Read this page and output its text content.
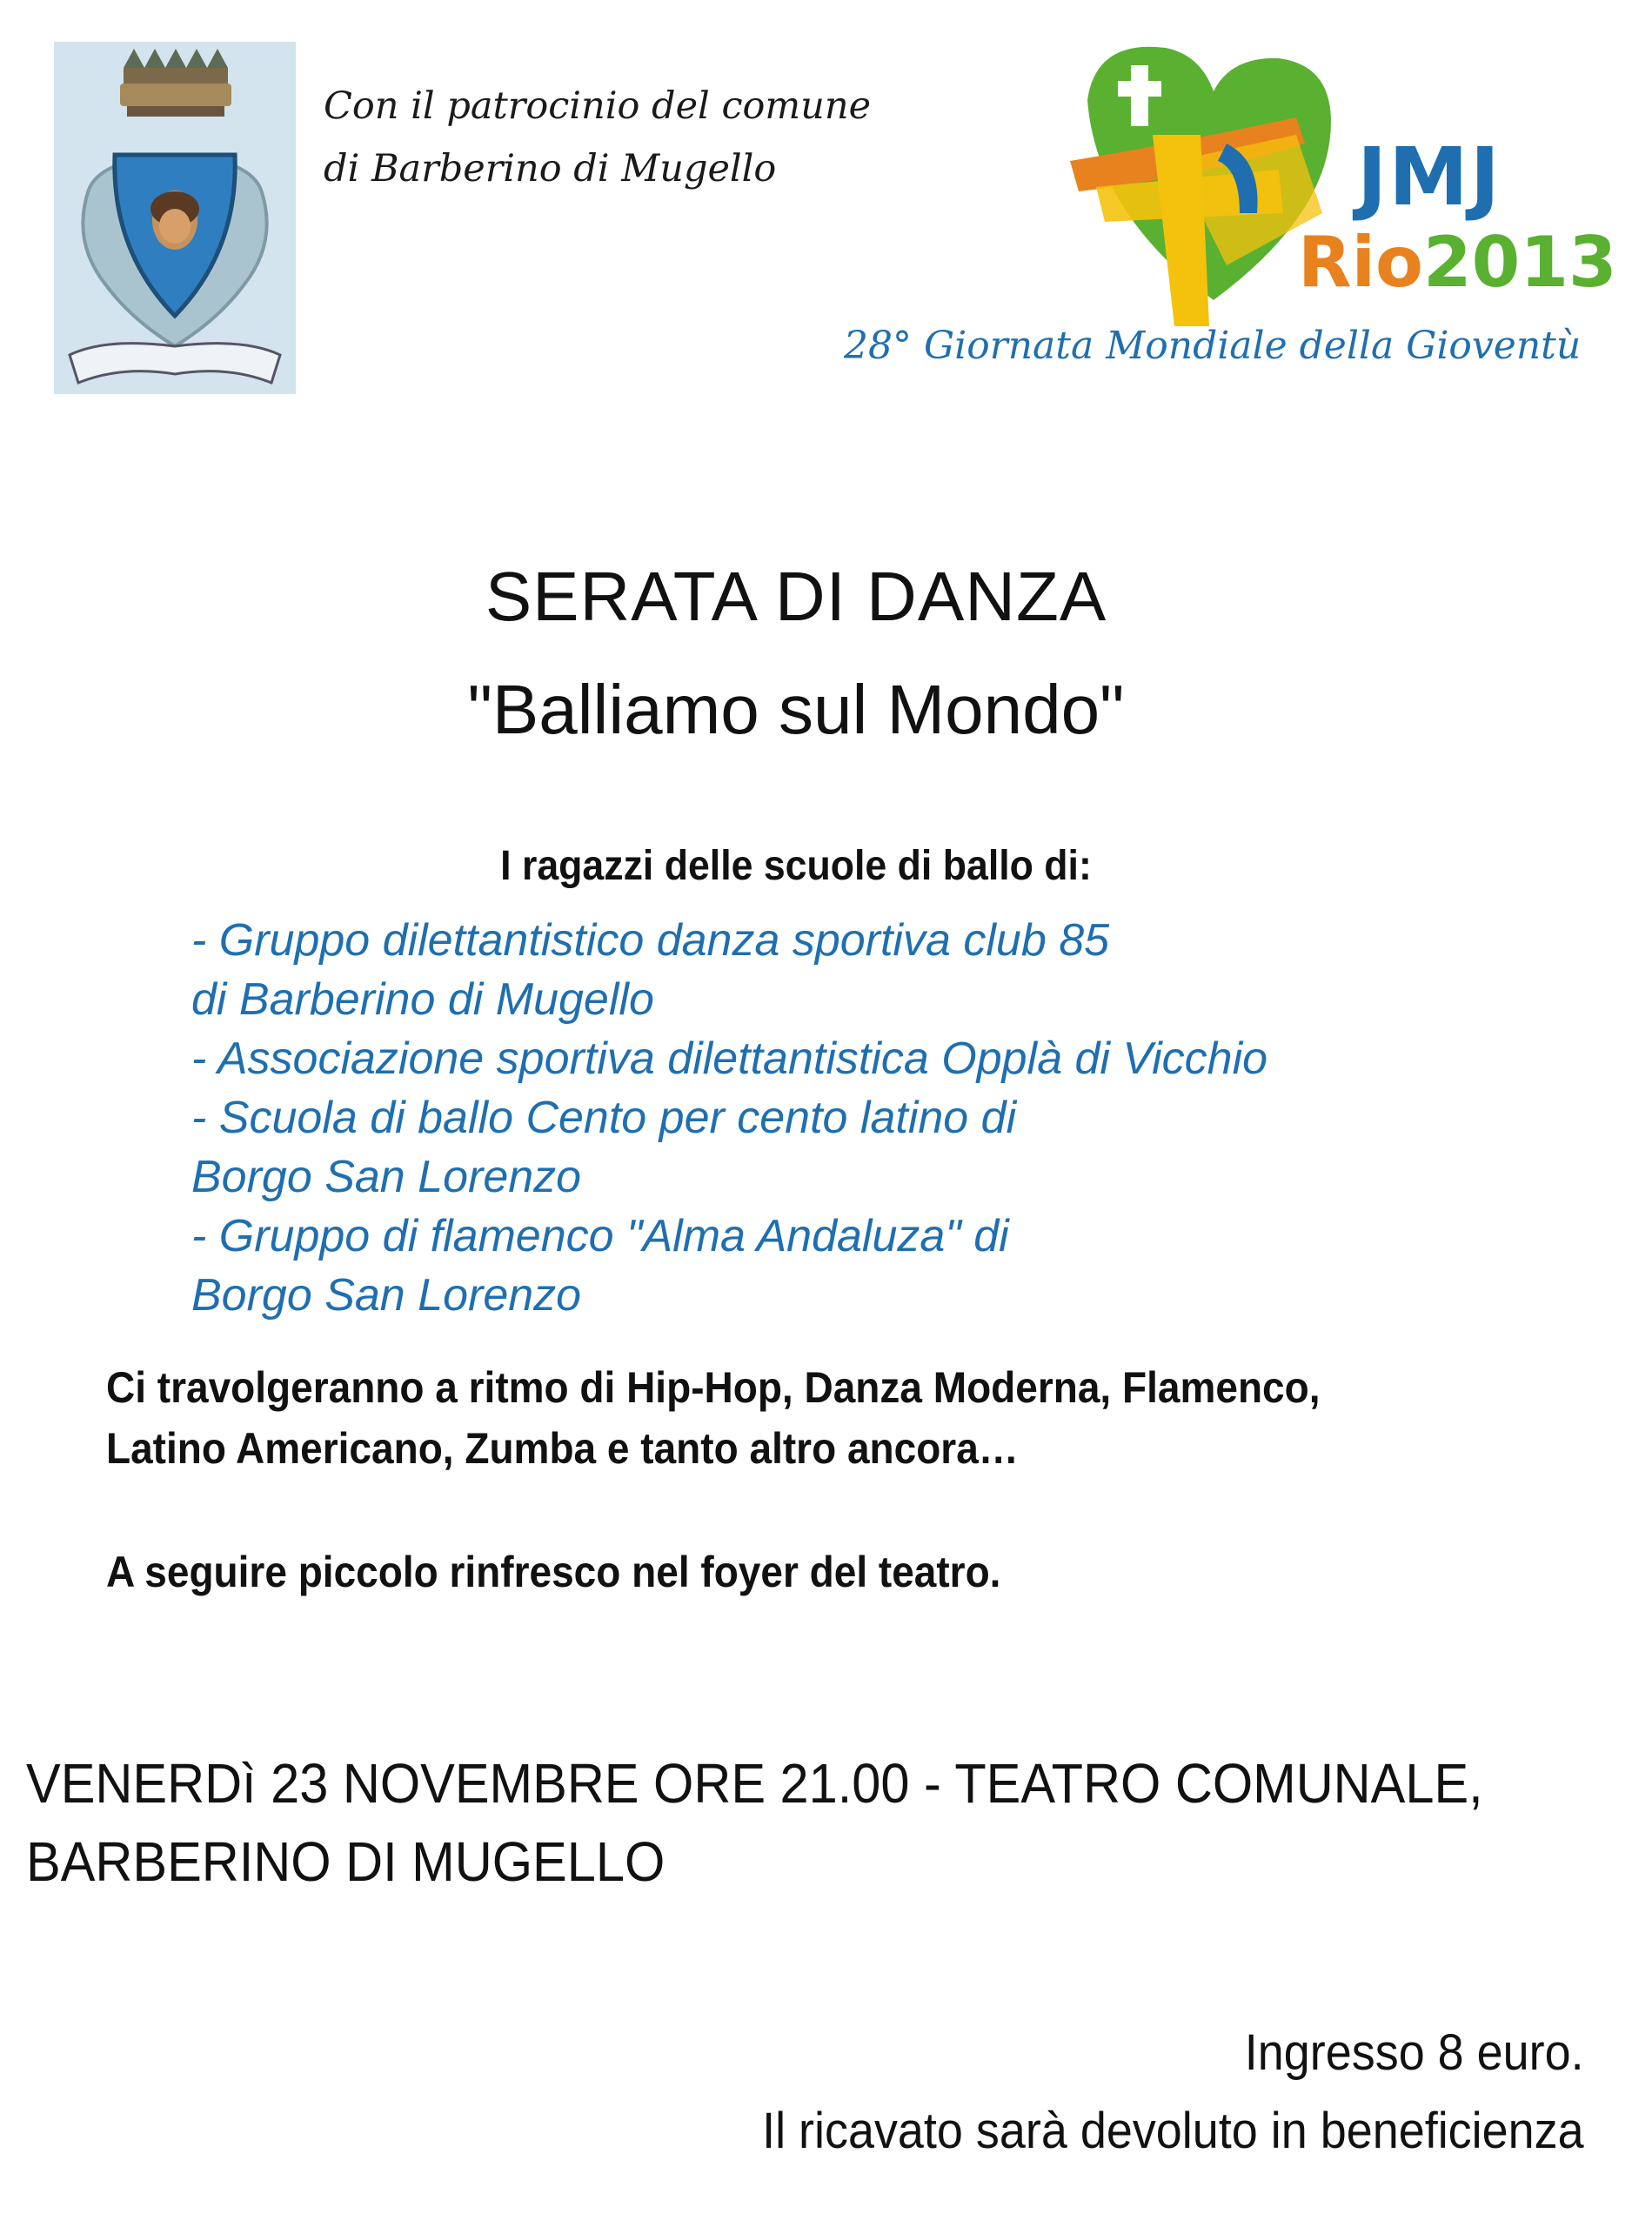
Con il patrocinio del comune
di Barberino di Mugello	JMJ
Rio2013
28° Giornata Mondiale della Gioventù
SERATA DI DANZA
"Balliamo sul Mondo"
I ragazzi delle scuole di ballo di:
- Gruppo dilettantistico danza sportiva club 85
di Barberino di Mugello
- Associazione sportiva dilettantistica Opplà di Vicchio
- Scuola di ballo Cento per cento latino di
Borgo San Lorenzo
- Gruppo di flamenco "Alma Andaluza" di
Borgo San Lorenzo
Ci travolgeranno a ritmo di Hip-Hop, Danza Moderna, Flamenco,
Latino Americano, Zumba e tanto altro ancora…
A seguire piccolo rinfresco nel foyer del teatro.
VENERDì 23 NOVEMBRE ORE 21.00 - TEATRO COMUNALE,
BARBERINO DI MUGELLO
Ingresso 8 euro.
Il ricavato sarà devoluto in beneficienza
